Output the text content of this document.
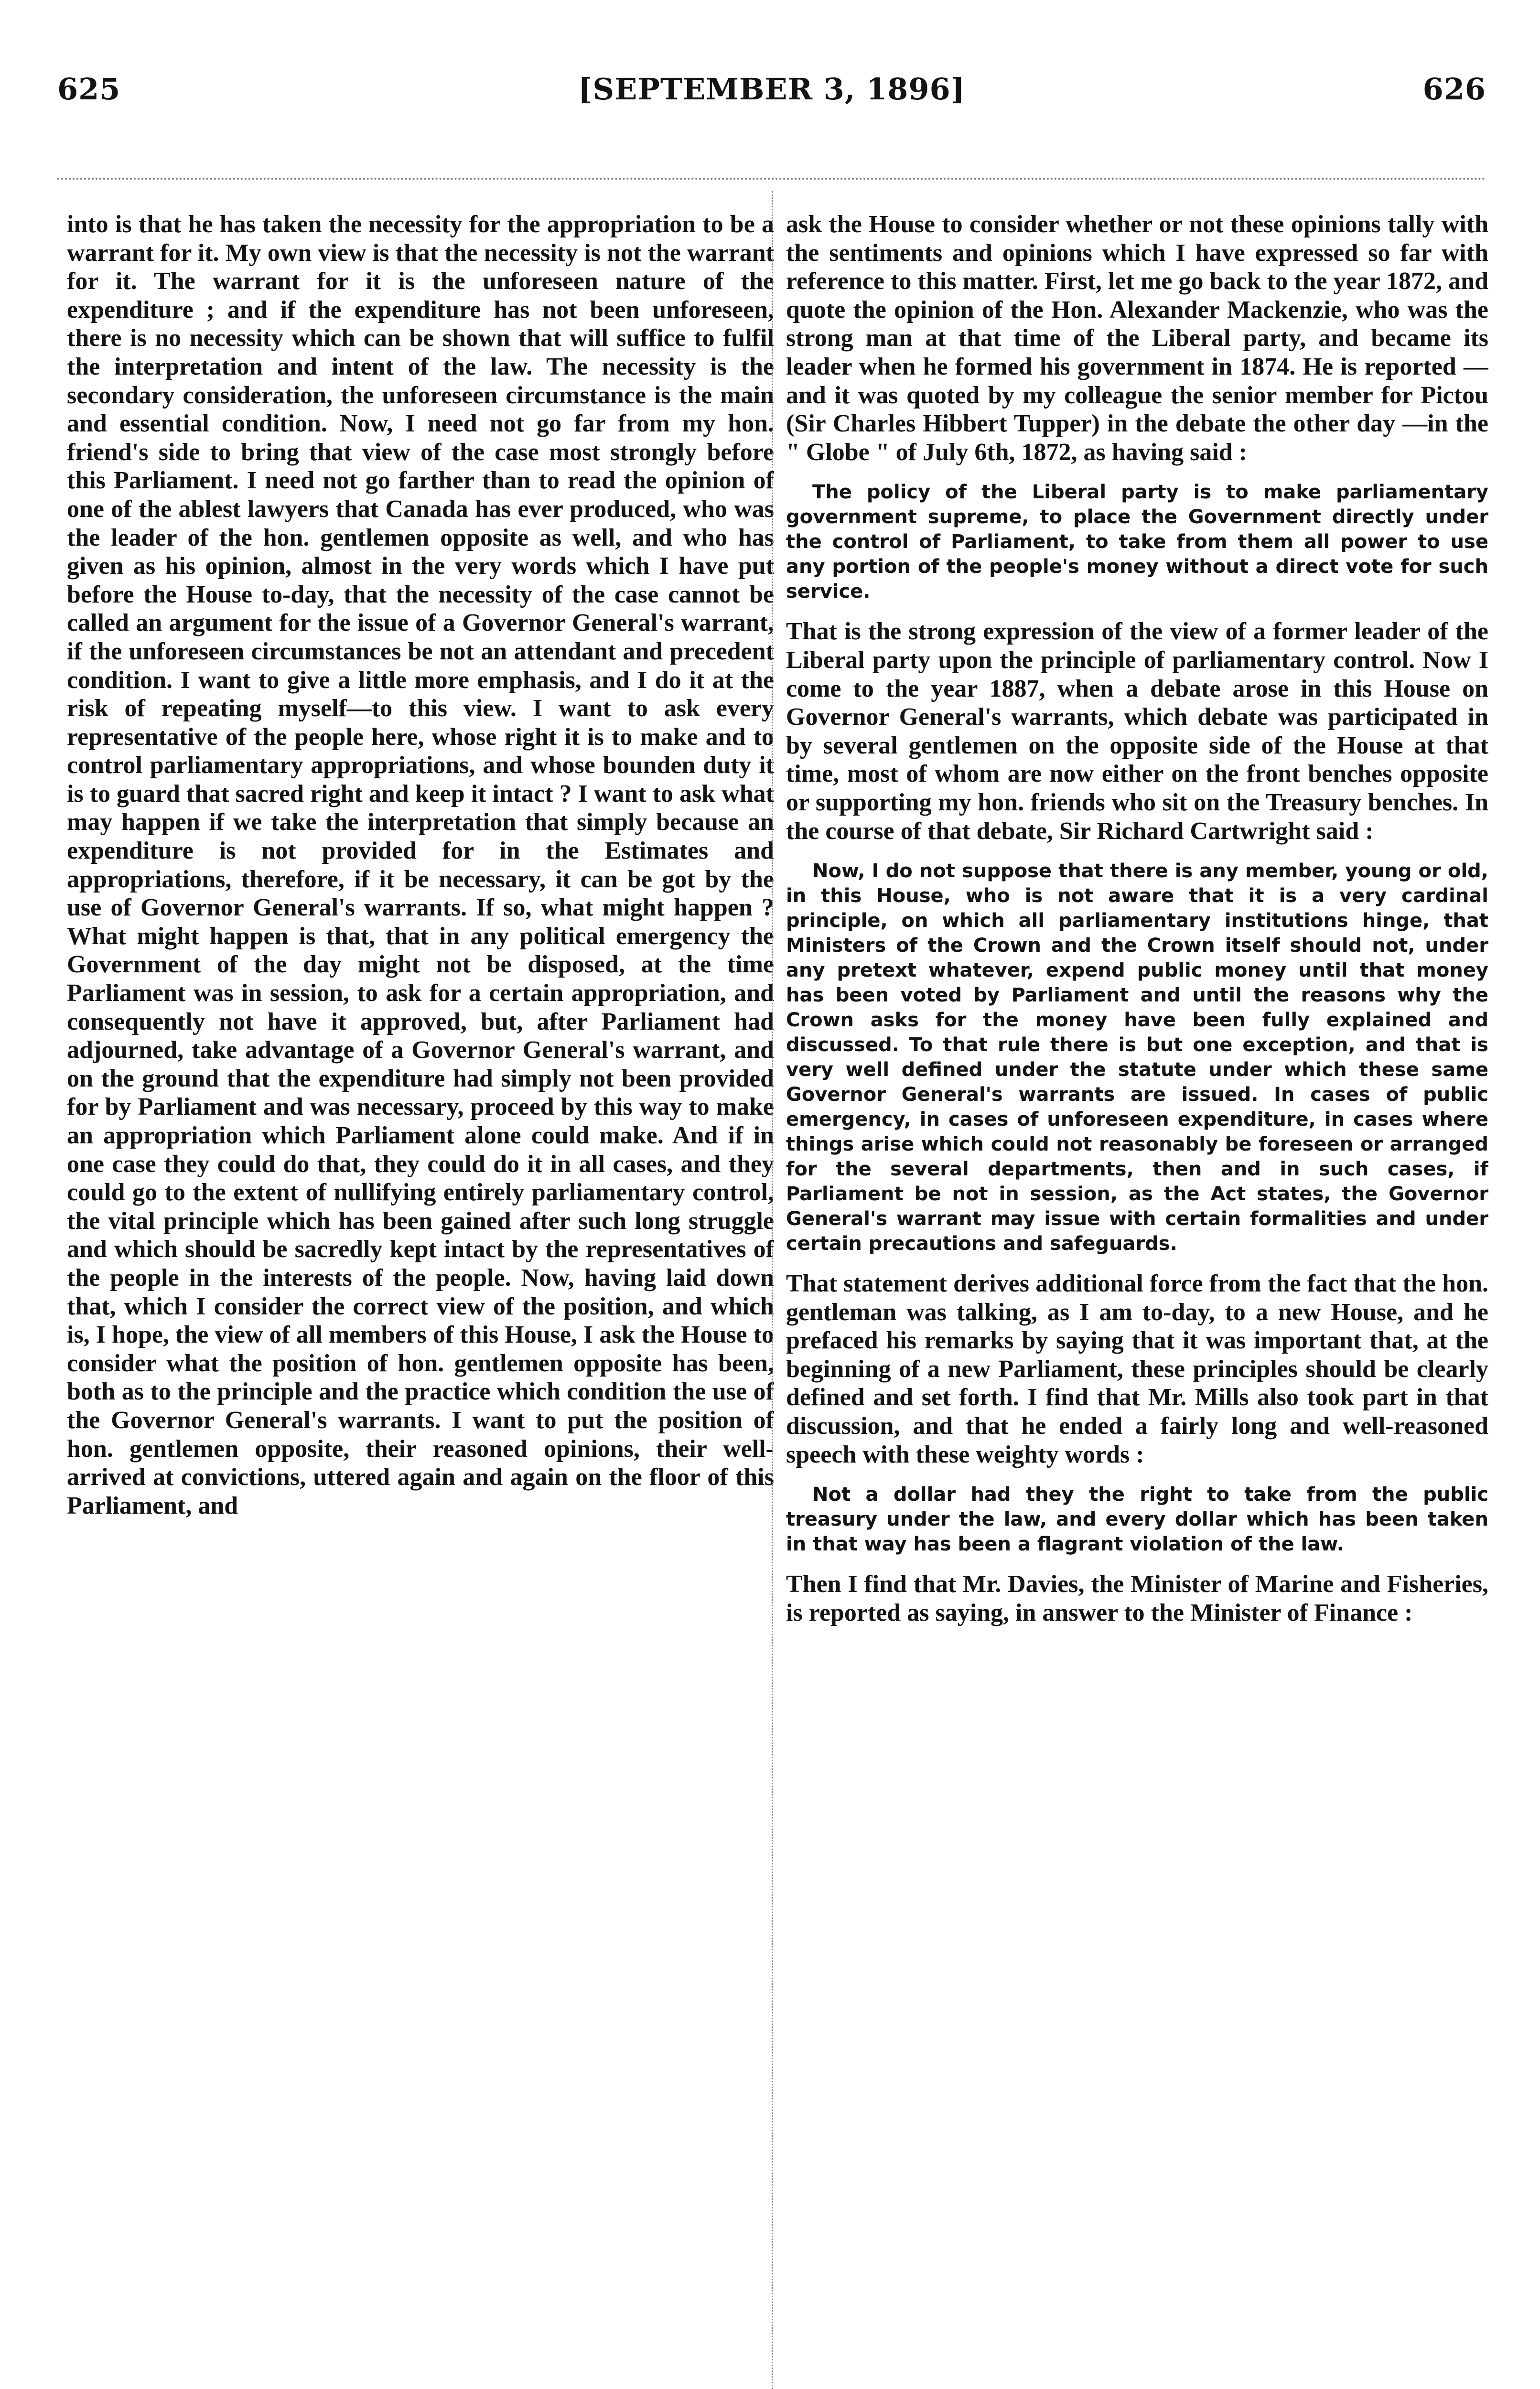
625	[SEPTEMBER 3, 1896]	626

into is that he has taken the necessity for the appropriation to be a warrant for it. My own view is that the necessity is not the warrant for it. The warrant for it is the unforeseen nature of the expenditure ; and if the expenditure has not been unforeseen, there is no necessity which can be shown that will suffice to fulfil the interpretation and intent of the law. The necessity is the secondary consideration, the unforeseen circumstance is the main and essential condition. Now, I need not go far from my hon. friend's side to bring that view of the case most strongly before this Parliament. I need not go farther than to read the opinion of one of the ablest lawyers that Canada has ever produced, who was the leader of the hon. gentlemen opposite as well, and who has given as his opinion, almost in the very words which I have put before the House to-day, that the necessity of the case cannot be called an argument for the issue of a Governor General's warrant, if the unforeseen circumstances be not an attendant and precedent condition. I want to give a little more emphasis, and I do it at the risk of repeating myself—to this view. I want to ask every representative of the people here, whose right it is to make and to control parliamentary appropriations, and whose bounden duty it is to guard that sacred right and keep it intact ? I want to ask what may happen if we take the interpretation that simply because an expenditure is not provided for in the Estimates and appropriations, therefore, if it be necessary, it can be got by the use of Governor General's warrants. If so, what might happen ? What might happen is that, that in any political emergency the Government of the day might not be disposed, at the time Parliament was in session, to ask for a certain appropriation, and consequently not have it approved, but, after Parliament had adjourned, take advantage of a Governor General's warrant, and on the ground that the expenditure had simply not been provided for by Parliament and was necessary, proceed by this way to make an appropriation which Parliament alone could make. And if in one case they could do that, they could do it in all cases, and they could go to the extent of nullifying entirely parliamentary control, the vital principle which has been gained after such long struggle and which should be sacredly kept intact by the representatives of the people in the interests of the people. Now, having laid down that, which I consider the correct view of the position, and which is, I hope, the view of all members of this House, I ask the House to consider what the position of hon. gentlemen opposite has been, both as to the principle and the practice which condition the use of the Governor General's warrants. I want to put the position of hon. gentlemen opposite, their reasoned opinions, their well-arrived at convictions, uttered again and again on the floor of this Parliament, and

ask the House to consider whether or not these opinions tally with the sentiments and opinions which I have expressed so far with reference to this matter. First, let me go back to the year 1872, and quote the opinion of the Hon. Alexander Mackenzie, who was the strong man at that time of the Liberal party, and became its leader when he formed his government in 1874. He is reported —and it was quoted by my colleague the senior member for Pictou (Sir Charles Hibbert Tupper) in the debate the other day —in the " Globe " of July 6th, 1872, as having said :

The policy of the Liberal party is to make parliamentary government supreme, to place the Government directly under the control of Parliament, to take from them all power to use any portion of the people's money without a direct vote for such service.

That is the strong expression of the view of a former leader of the Liberal party upon the principle of parliamentary control. Now I come to the year 1887, when a debate arose in this House on Governor General's warrants, which debate was participated in by several gentlemen on the opposite side of the House at that time, most of whom are now either on the front benches opposite or supporting my hon. friends who sit on the Treasury benches. In the course of that debate, Sir Richard Cartwright said :

Now, I do not suppose that there is any member, young or old, in this House, who is not aware that it is a very cardinal principle, on which all parliamentary institutions hinge, that Ministers of the Crown and the Crown itself should not, under any pretext whatever, expend public money until that money has been voted by Parliament and until the reasons why the Crown asks for the money have been fully explained and discussed. To that rule there is but one exception, and that is very well defined under the statute under which these same Governor General's warrants are issued. In cases of public emergency, in cases of unforeseen expenditure, in cases where things arise which could not reasonably be foreseen or arranged for the several departments, then and in such cases, if Parliament be not in session, as the Act states, the Governor General's warrant may issue with certain formalities and under certain precautions and safeguards.

That statement derives additional force from the fact that the hon. gentleman was talking, as I am to-day, to a new House, and he prefaced his remarks by saying that it was important that, at the beginning of a new Parliament, these principles should be clearly defined and set forth. I find that Mr. Mills also took part in that discussion, and that he ended a fairly long and well-reasoned speech with these weighty words :

Not a dollar had they the right to take from the public treasury under the law, and every dollar which has been taken in that way has been a flagrant violation of the law.

Then I find that Mr. Davies, the Minister of Marine and Fisheries, is reported as saying, in answer to the Minister of Finance :
